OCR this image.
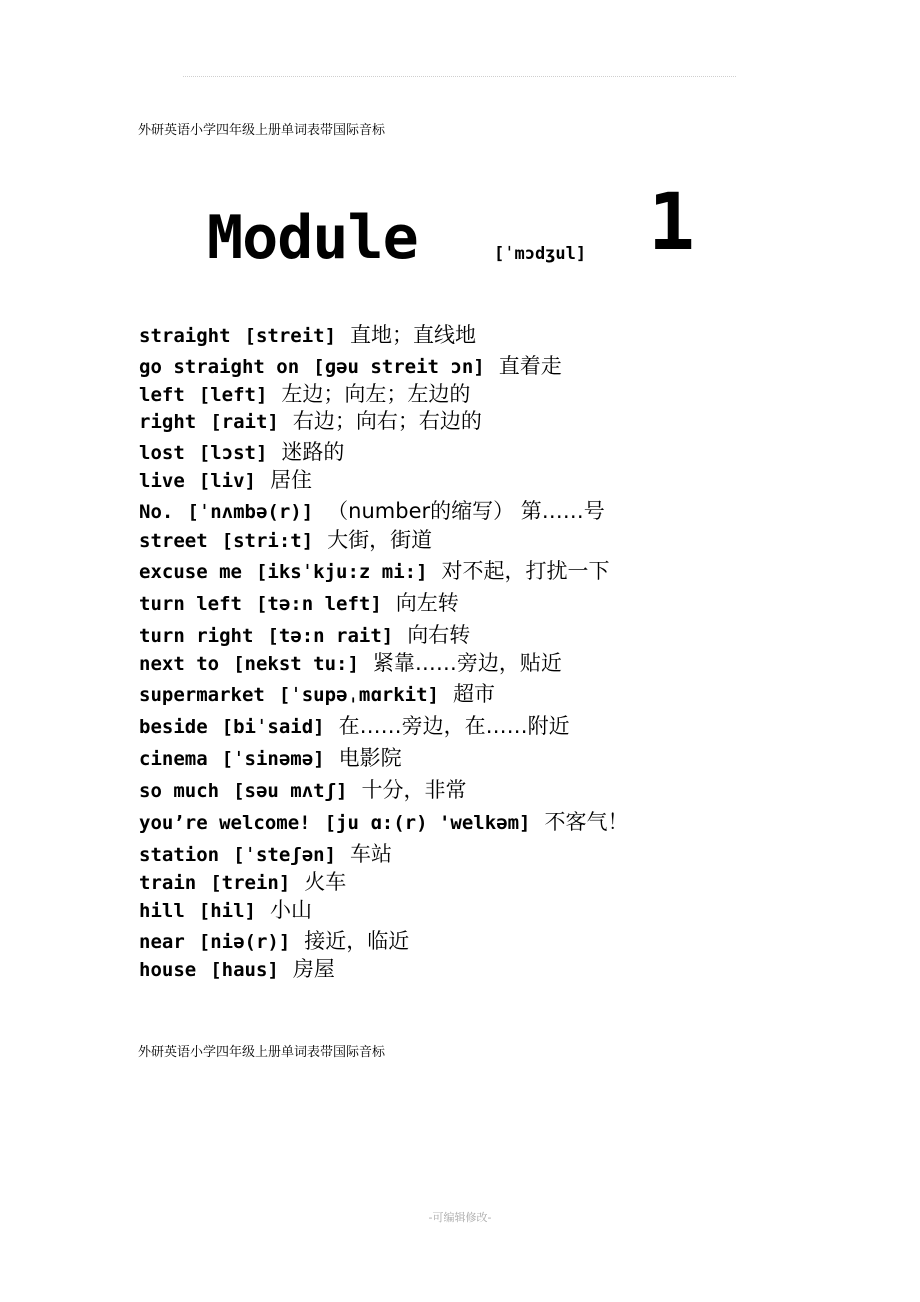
外研英语小学四年级上册单词表带国际音标
Module	[ˈmɔdʒul] 1
straight [streit] 直地；直线地
go straight on [ɡəu streit ɔn] 直着走
left [left] 左边；向左；左边的
right [rait] 右边；向右；右边的
lost [lɔst] 迷路的
live [liv] 居住
No. [ˈnʌmbə(r)] （number的缩写） 第……号
street [stri:t] 大街，街道
excuse me [iksˈkju:z mi:] 对不起，打扰一下
turn left [tə:n left] 向左转
turn right [tə:n rait] 向右转
next to [nekst tu:] 紧靠……旁边，贴近
supermarket [ˈsupəˌmɑrkit] 超市
beside [biˈsaid] 在……旁边，在……附近
cinema [ˈsinəmə] 电影院
so much [səu mʌtʃ] 十分，非常
you’re welcome! [ju ɑ:(r) 'welkəm] 不客气！
station [ˈsteʃən] 车站
train [trein] 火车
hill [hil] 小山
near [niə(r)] 接近，临近
house [haus] 房屋
外研英语小学四年级上册单词表带国际音标
-可编辑修改-
